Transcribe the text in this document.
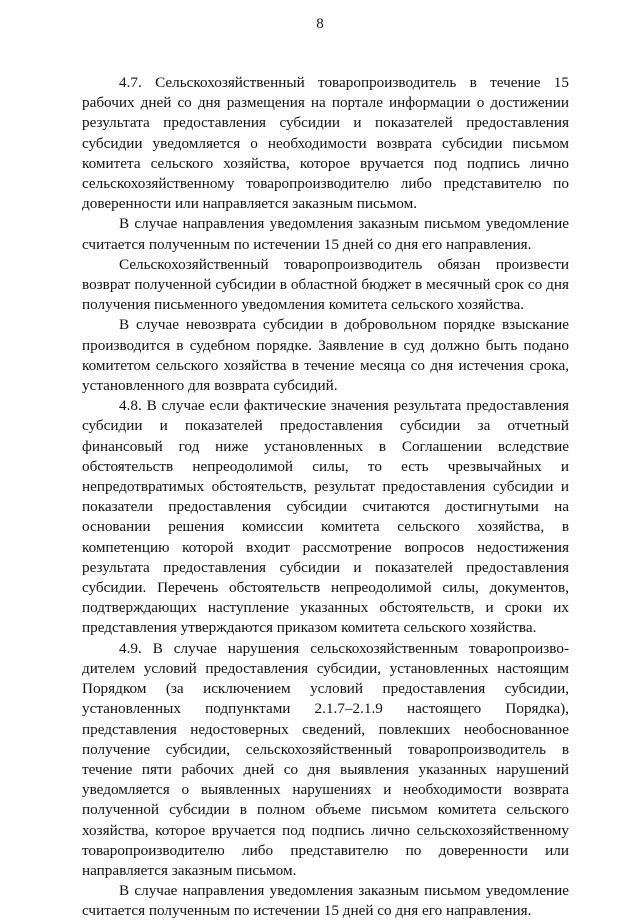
8

4.7. Сельскохозяйственный товаропроизводитель в течение 15 рабочих дней со дня размещения на портале информации о достижении результата предоставления субсидии и показателей предоставления субсидии уведомляется о необходимости возврата субсидии письмом комитета сельского хозяйства, которое вручается под подпись лично сельскохозяйственному товаропроизводителю либо представителю по доверенности или направляется заказным письмом.

В случае направления уведомления заказным письмом уведомление считается полученным по истечении 15 дней со дня его направления.

Сельскохозяйственный товаропроизводитель обязан произвести возврат полученной субсидии в областной бюджет в месячный срок со дня получения письменного уведомления комитета сельского хозяйства.

В случае невозврата субсидии в добровольном порядке взыскание производится в судебном порядке. Заявление в суд должно быть подано комитетом сельского хозяйства в течение месяца со дня истечения срока, установленного для возврата субсидий.

4.8. В случае если фактические значения результата предоставления субсидии и показателей предоставления субсидии за отчетный финансовый год ниже установленных в Соглашении вследствие обстоятельств непреодолимой силы, то есть чрезвычайных и непредотвратимых обстоятельств, результат предоставления субсидии и показатели предоставления субсидии считаются достигнутыми на основании решения комиссии комитета сельского хозяйства, в компетенцию которой входит рассмотрение вопросов недостижения результата предоставления субсидии и показателей предоставления субсидии. Перечень обстоятельств непреодолимой силы, документов, подтверждающих наступление указанных обстоятельств, и сроки их представления утверждаются приказом комитета сельского хозяйства.

4.9. В случае нарушения сельскохозяйственным товаропроизводителем условий предоставления субсидии, установленных настоящим Порядком (за исключением условий предоставления субсидии, установленных подпунктами 2.1.7–2.1.9 настоящего Порядка), представления недостоверных сведений, повлекших необоснованное получение субсидии, сельскохозяйственный товаропроизводитель в течение пяти рабочих дней со дня выявления указанных нарушений уведомляется о выявленных нарушениях и необходимости возврата полученной субсидии в полном объеме письмом комитета сельского хозяйства, которое вручается под подпись лично сельскохозяйственному товаропроизводителю либо представителю по доверенности или направляется заказным письмом.

В случае направления уведомления заказным письмом уведомление считается полученным по истечении 15 дней со дня его направления.
